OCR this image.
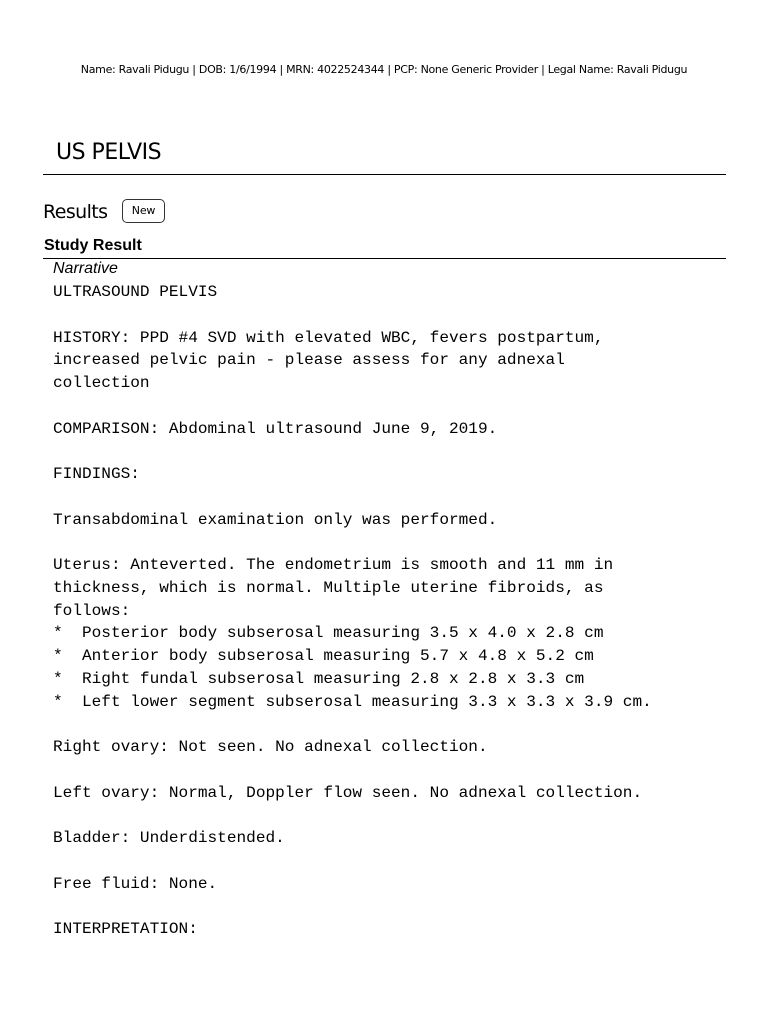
Name: Ravali Pidugu | DOB: 1/6/1994 | MRN: 4022524344 | PCP: None Generic Provider | Legal Name: Ravali Pidugu
US PELVIS
Results	New
Study Result
Narrative
ULTRASOUND PELVIS

HISTORY: PPD #4 SVD with elevated WBC, fevers postpartum,
increased pelvic pain - please assess for any adnexal
collection

COMPARISON: Abdominal ultrasound June 9, 2019.

FINDINGS:

Transabdominal examination only was performed.

Uterus: Anteverted. The endometrium is smooth and 11 mm in
thickness, which is normal. Multiple uterine fibroids, as
follows:
*  Posterior body subserosal measuring 3.5 x 4.0 x 2.8 cm
*  Anterior body subserosal measuring 5.7 x 4.8 x 5.2 cm
*  Right fundal subserosal measuring 2.8 x 2.8 x 3.3 cm
*  Left lower segment subserosal measuring 3.3 x 3.3 x 3.9 cm.

Right ovary: Not seen. No adnexal collection.

Left ovary: Normal, Doppler flow seen. No adnexal collection.

Bladder: Underdistended.

Free fluid: None.

INTERPRETATION:
